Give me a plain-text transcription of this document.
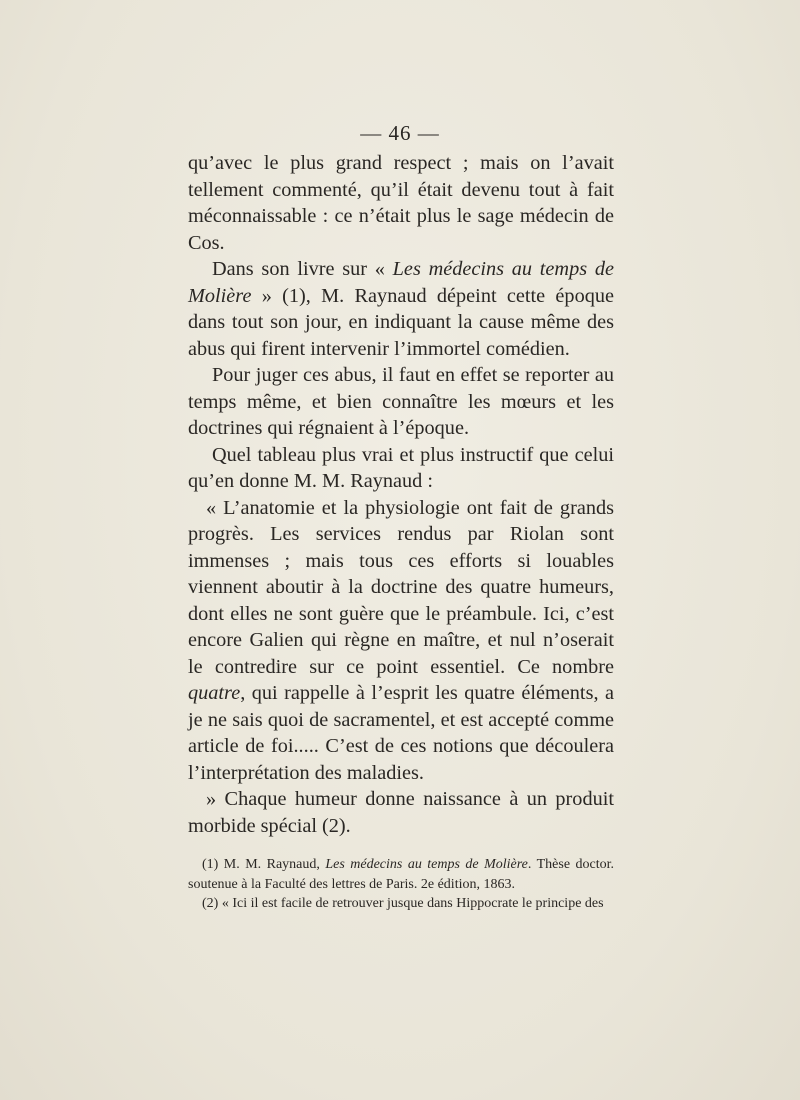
— 46 —

qu’avec le plus grand respect ; mais on l’avait tellement commenté, qu’il était devenu tout à fait méconnaissable : ce n’était plus le sage médecin de Cos.

Dans son livre sur « Les médecins au temps de Molière » (1), M. Raynaud dépeint cette époque dans tout son jour, en indiquant la cause même des abus qui firent intervenir l’immortel comédien.

Pour juger ces abus, il faut en effet se reporter au temps même, et bien connaître les mœurs et les doctrines qui régnaient à l’époque.

Quel tableau plus vrai et plus instructif que celui qu’en donne M. M. Raynaud :

« L’anatomie et la physiologie ont fait de grands progrès. Les services rendus par Riolan sont immenses ; mais tous ces efforts si louables viennent aboutir à la doctrine des quatre humeurs, dont elles ne sont guère que le préambule. Ici, c’est encore Galien qui règne en maître, et nul n’oserait le contredire sur ce point essentiel. Ce nombre quatre, qui rappelle à l’esprit les quatre éléments, a je ne sais quoi de sacramentel, et est accepté comme article de foi..... C’est de ces notions que découlera l’interprétation des maladies.

» Chaque humeur donne naissance à un produit morbide spécial (2).

(1) M. M. Raynaud, Les médecins au temps de Molière. Thèse doctor. soutenue à la Faculté des lettres de Paris. 2e édition, 1863.

(2) « Ici il est facile de retrouver jusque dans Hippocrate le principe des
